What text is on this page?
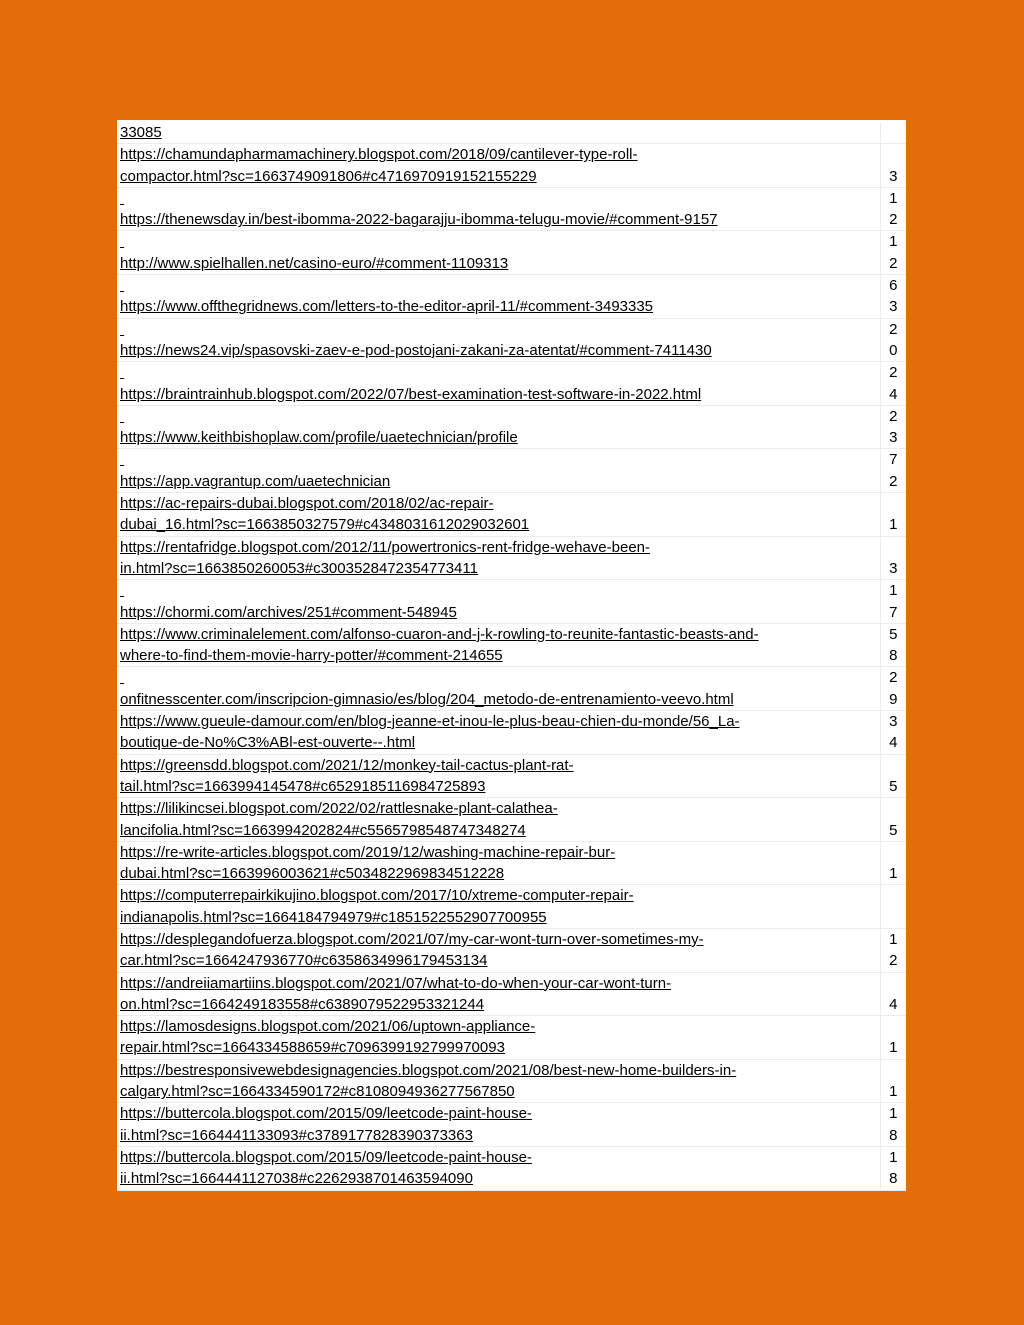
33085	

https://chamundapharmamachinery.blogspot.com/2018/09/cantilever-type-roll-
compactor.html?sc=1663749091806#c4716970919152155229	3

https://thenewsday.in/best-ibomma-2022-bagarajju-ibomma-telugu-movie/#comment-9157	1
2

http://www.spielhallen.net/casino-euro/#comment-1109313	1
2

https://www.offthegridnews.com/letters-to-the-editor-april-11/#comment-3493335	6
3

https://news24.vip/spasovski-zaev-e-pod-postojani-zakani-za-atentat/#comment-7411430	2
0

https://braintrainhub.blogspot.com/2022/07/best-examination-test-software-in-2022.html	2
4

https://www.keithbishoplaw.com/profile/uaetechnician/profile	2
3

https://app.vagrantup.com/uaetechnician	7
2

https://ac-repairs-dubai.blogspot.com/2018/02/ac-repair-
dubai_16.html?sc=1663850327579#c4348031612029032601	1

https://rentafridge.blogspot.com/2012/11/powertronics-rent-fridge-wehave-been-
in.html?sc=1663850260053#c3003528472354773411	3

https://chormi.com/archives/251#comment-548945	1
7

https://www.criminalelement.com/alfonso-cuaron-and-j-k-rowling-to-reunite-fantastic-beasts-and-
where-to-find-them-movie-harry-potter/#comment-214655	5
8

onfitnesscenter.com/inscripcion-gimnasio/es/blog/204_metodo-de-entrenamiento-veevo.html	2
9

https://www.gueule-damour.com/en/blog-jeanne-et-inou-le-plus-beau-chien-du-monde/56_La-
boutique-de-No%C3%ABl-est-ouverte--.html	3
4

https://greensdd.blogspot.com/2021/12/monkey-tail-cactus-plant-rat-
tail.html?sc=1663994145478#c6529185116984725893	5

https://lilikincsei.blogspot.com/2022/02/rattlesnake-plant-calathea-
lancifolia.html?sc=1663994202824#c5565798548747348274	5

https://re-write-articles.blogspot.com/2019/12/washing-machine-repair-bur-
dubai.html?sc=1663996003621#c5034822969834512228	1

https://computerrepairkikujino.blogspot.com/2017/10/xtreme-computer-repair-
indianapolis.html?sc=1664184794979#c1851522552907700955	

https://desplegandofuerza.blogspot.com/2021/07/my-car-wont-turn-over-sometimes-my-
car.html?sc=1664247936770#c6358634996179453134	1
2

https://andreiiamartiins.blogspot.com/2021/07/what-to-do-when-your-car-wont-turn-
on.html?sc=1664249183558#c6389079522953321244	4

https://lamosdesigns.blogspot.com/2021/06/uptown-appliance-
repair.html?sc=1664334588659#c7096399192799970093	1

https://bestresponsivewebdesignagencies.blogspot.com/2021/08/best-new-home-builders-in-
calgary.html?sc=1664334590172#c8108094936277567850	1

https://buttercola.blogspot.com/2015/09/leetcode-paint-house-
ii.html?sc=1664441133093#c3789177828390373363	1
8

https://buttercola.blogspot.com/2015/09/leetcode-paint-house-
ii.html?sc=1664441127038#c2262938701463594090	1
8
